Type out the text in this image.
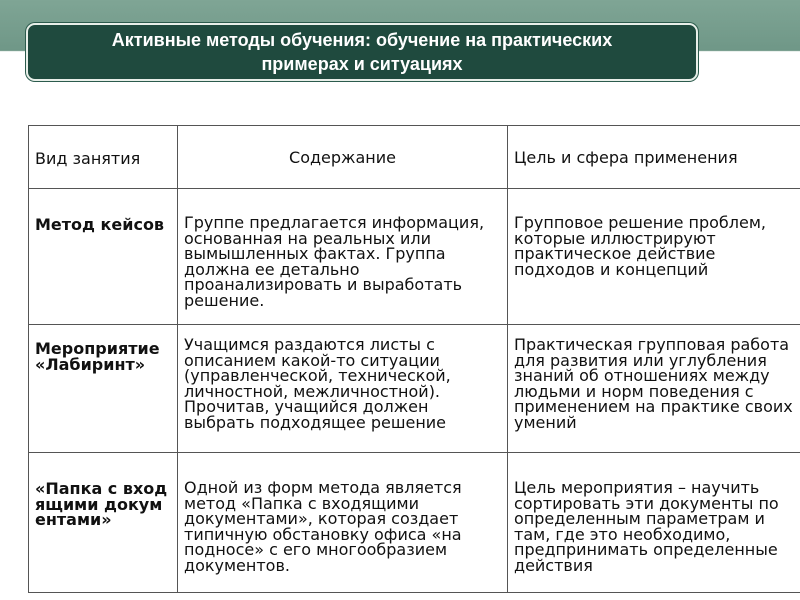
Активные методы обучения: обучение на практических
примерах и ситуациях
Вид занятия	Содержание	Цель и сфера применения

Метод кейсов	Группе предлагается информация, основанная на реальных или вымышленных фактах. Группа должна ее детально проанализировать и выработать решение.	Групповое решение проблем, которые иллюстрируют практическое действие подходов и концепций

Мероприятие «Лабиринт»	Учащимся раздаются листы с описанием какой-то ситуации (управленческой, технической, личностной, межличностной). Прочитав, учащийся должен выбрать подходящее решение	Практическая групповая работа для развития или углубления знаний об отношениях между людьми и норм поведения с применением на практике своих умений

«Папка с входящими документами»	Одной из форм метода является метод «Папка с входящими документами», которая создает типичную обстановку офиса «на подносе» с его многообразием документов.	Цель мероприятия – научить сортировать эти документы по определенным параметрам и там, где это необходимо, предпринимать определенные действия
